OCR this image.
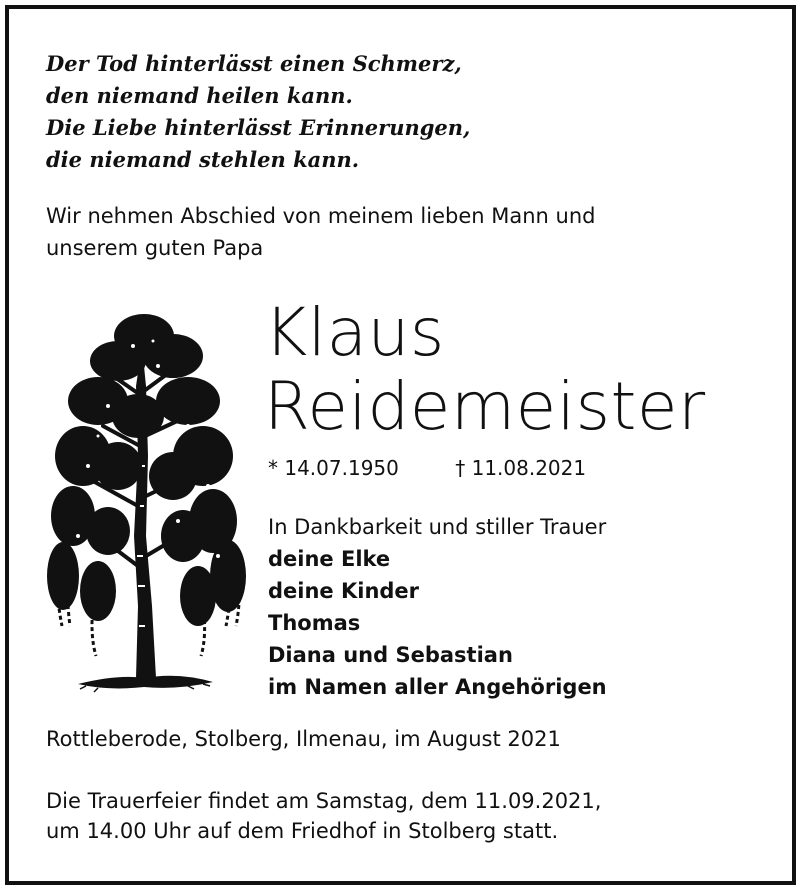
Der Tod hinterlässt einen Schmerz,
den niemand heilen kann.
Die Liebe hinterlässt Erinnerungen,
die niemand stehlen kann.
Wir nehmen Abschied von meinem lieben Mann und
unserem guten Papa
Klaus
Reidemeister
* 14.07.1950	† 11.08.2021
In Dankbarkeit und stiller Trauer
deine Elke
deine Kinder
Thomas
Diana und Sebastian
im Namen aller Angehörigen
Rottleberode, Stolberg, Ilmenau, im August 2021
Die Trauerfeier findet am Samstag, dem 11.09.2021,
um 14.00 Uhr auf dem Friedhof in Stolberg statt.
